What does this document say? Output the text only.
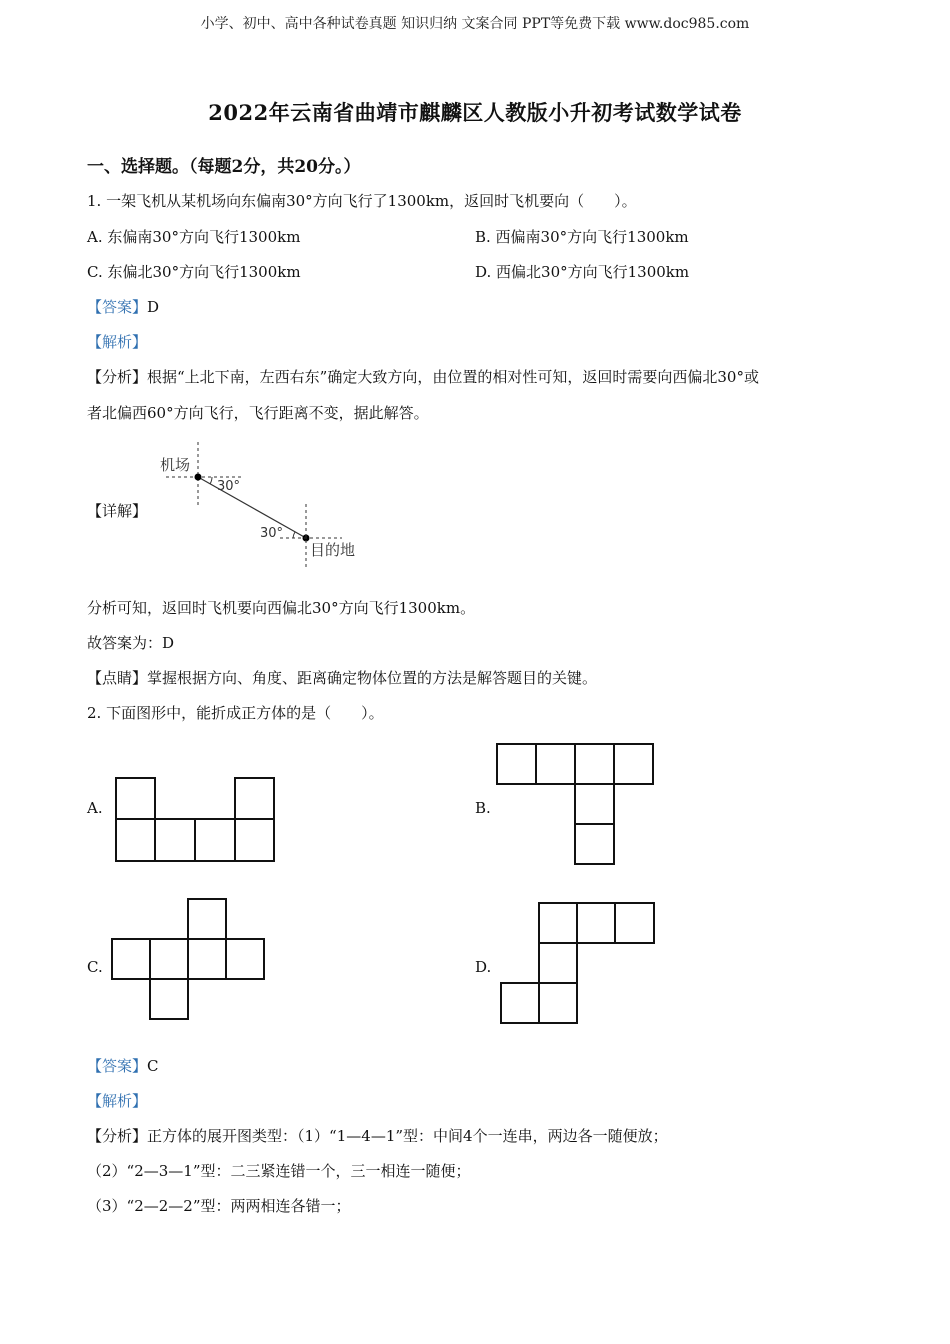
小学、初中、高中各种试卷真题 知识归纳 文案合同 PPT等免费下载 www.doc985.com
2022年云南省曲靖市麒麟区人教版小升初考试数学试卷
一、选择题。（每题2分，共20分。）
1. 一架飞机从某机场向东偏南30°方向飞行了1300km，返回时飞机要向（　　）。
A. 东偏南30°方向飞行1300km	B. 西偏南30°方向飞行1300km
C. 东偏北30°方向飞行1300km	D. 西偏北30°方向飞行1300km
【答案】D
【解析】
【分析】根据“上北下南，左西右东”确定大致方向，由位置的相对性可知，返回时需要向西偏北30°或
者北偏西60°方向飞行，飞行距离不变，据此解答。
【详解】
机场
30°
30°
目的地
分析可知，返回时飞机要向西偏北30°方向飞行1300km。
故答案为：D
【点睛】掌握根据方向、角度、距离确定物体位置的方法是解答题目的关键。
2. 下面图形中，能折成正方体的是（　　）。
A.	B.
C.	D.
【答案】C
【解析】
【分析】正方体的展开图类型：（1）“1—4—1”型：中间4个一连串，两边各一随便放；
（2）“2—3—1”型：二三紧连错一个，三一相连一随便；
（3）“2—2—2”型：两两相连各错一；
